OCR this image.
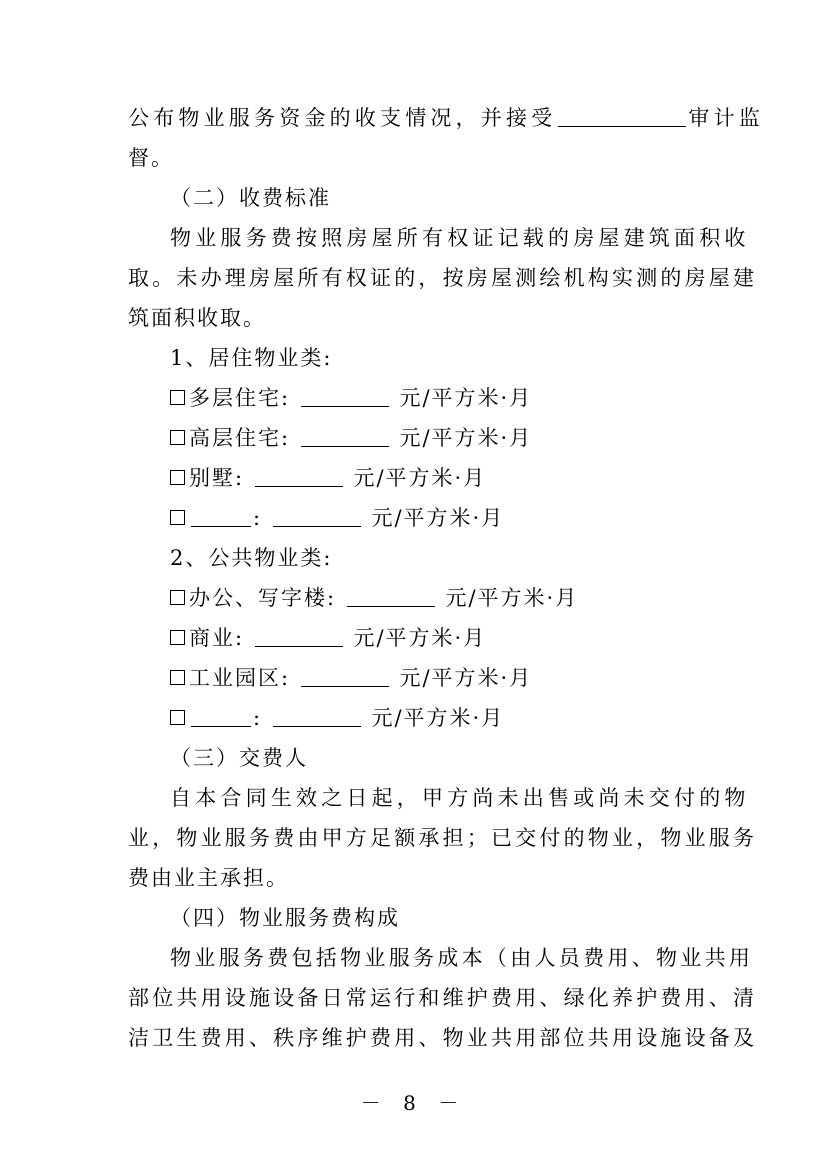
公布物业服务资金的收支情况，并接受	审计监
督。
（二）收费标准
物业服务费按照房屋所有权证记载的房屋建筑面积收
取。未办理房屋所有权证的，按房屋测绘机构实测的房屋建
筑面积收取。
1、居住物业类:
多层住宅:	元/平方米·月
高层住宅:	元/平方米·月
别墅:	元/平方米·月
:	元/平方米·月
2、公共物业类:
办公、写字楼:	元/平方米·月
商业:	元/平方米·月
工业园区:	元/平方米·月
:	元/平方米·月
（三）交费人
自本合同生效之日起，甲方尚未出售或尚未交付的物
业，物业服务费由甲方足额承担；已交付的物业，物业服务
费由业主承担。
（四）物业服务费构成
物业服务费包括物业服务成本（由人员费用、物业共用
部位共用设施设备日常运行和维护费用、绿化养护费用、清
洁卫生费用、秩序维护费用、物业共用部位共用设施设备及
－ 8 －
